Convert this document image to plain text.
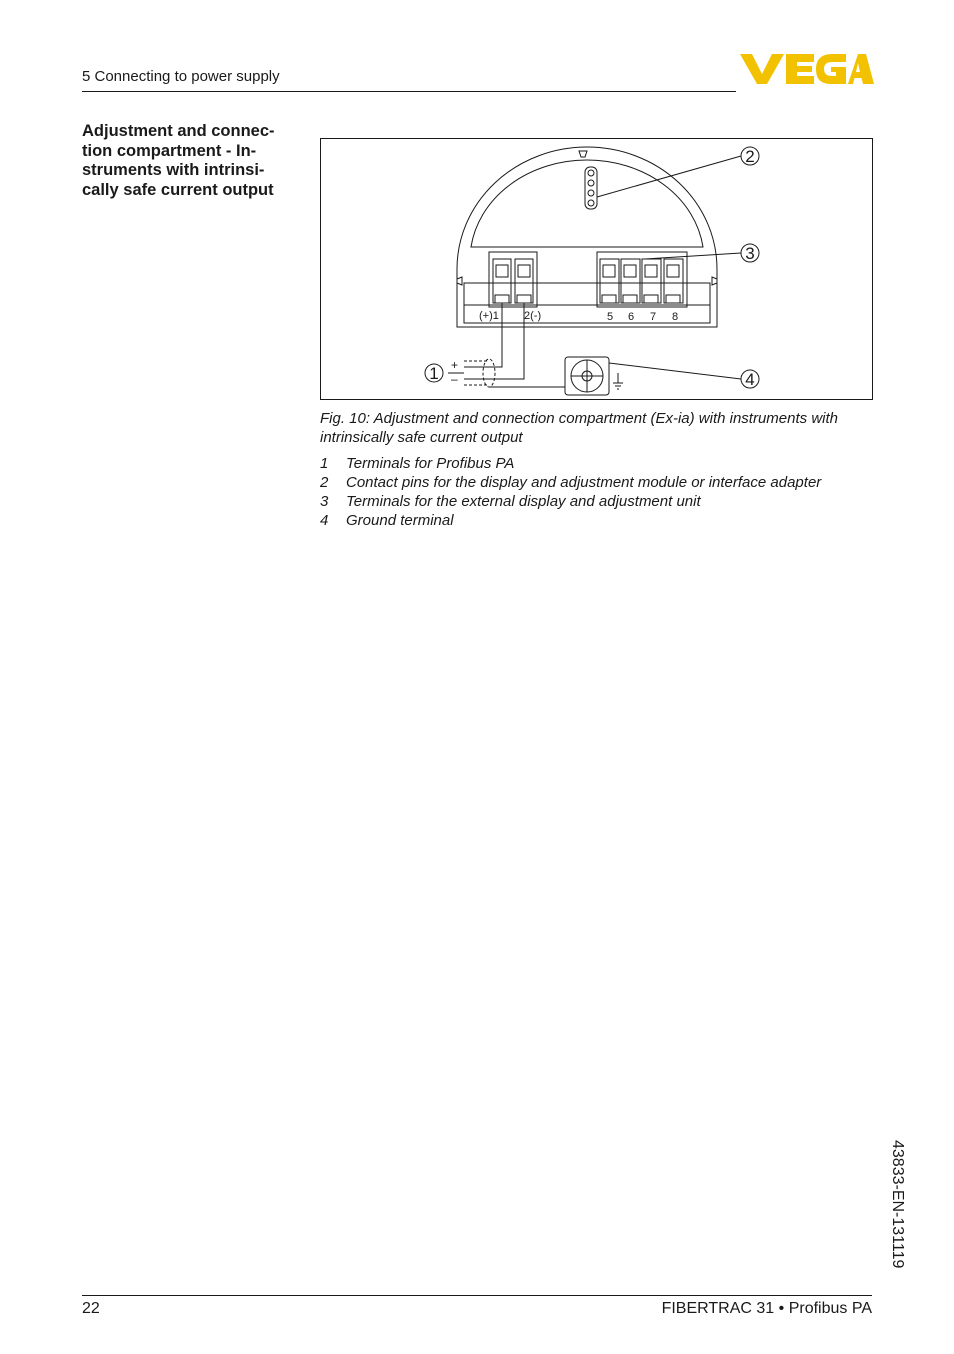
5 Connecting to power supply
Adjustment and connec-
tion compartment - In-
struments with intrinsi-
cally safe current output
2
3
4
1
(+)1 2(-)	5 6 7 8
+
–
Fig. 10: Adjustment and connection compartment (Ex-ia) with instruments with intrinsically safe current output
1	Terminals for Profibus PA
2	Contact pins for the display and adjustment module or interface adapter
3	Terminals for the external display and adjustment unit
4	Ground terminal
43833-EN-131119
22	FIBERTRAC 31 • Profibus PA
